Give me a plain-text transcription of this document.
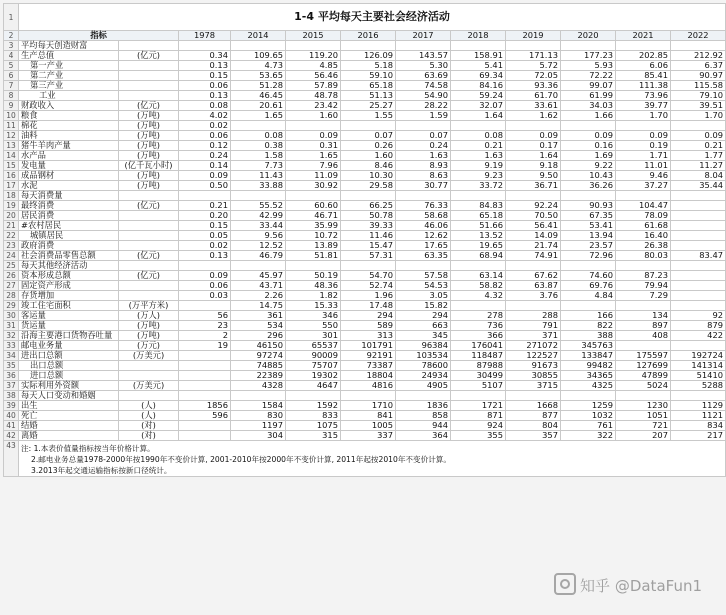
1	1-4 平均每天主要社会经济活动											
2	指标		1978	2014	2015	2016	2017	2018	2019	2020	2021	2022
3	平均每天创造财富											
4	生产总值	(亿元)	0.34	109.65	119.20	126.09	143.57	158.91	171.13	177.23	202.85	212.92
5	第一产业		0.13	4.73	4.85	5.18	5.30	5.41	5.72	5.93	6.06	6.37
6	第二产业		0.15	53.65	56.46	59.10	63.69	69.34	72.05	72.22	85.41	90.97
7	第三产业		0.06	51.28	57.89	65.18	74.58	84.16	93.36	99.07	111.38	115.58
8	工业		0.13	46.45	48.78	51.13	54.90	59.24	61.70	61.99	73.96	79.10
9	财政收入	(亿元)	0.08	20.61	23.42	25.27	28.22	32.07	33.61	34.03	39.77	39.51
10	粮食	(万吨)	4.02	1.65	1.60	1.55	1.59	1.64	1.62	1.66	1.70	1.70
11	棉花	(万吨)	0.02									
12	油料	(万吨)	0.06	0.08	0.09	0.07	0.07	0.08	0.09	0.09	0.09	0.09
13	猪牛羊肉产量	(万吨)	0.12	0.38	0.31	0.26	0.24	0.21	0.17	0.16	0.19	0.21
14	水产品	(万吨)	0.24	1.58	1.65	1.60	1.63	1.63	1.64	1.69	1.71	1.77
15	发电量	(亿千瓦小时)	0.14	7.73	7.96	8.46	8.93	9.19	9.18	9.22	11.01	11.27
16	成品钢材	(万吨)	0.09	11.43	11.09	10.30	8.63	9.23	9.50	10.43	9.46	8.04
17	水泥	(万吨)	0.50	33.88	30.92	29.58	30.77	33.72	36.71	36.26	37.27	35.44
18	每天消费量											
19	最终消费	(亿元)	0.21	55.52	60.60	66.25	76.33	84.83	92.24	90.93	104.47	
20	居民消费		0.20	42.99	46.71	50.78	58.68	65.18	70.50	67.35	78.09	
21	#农村居民		0.15	33.44	35.99	39.33	46.06	51.66	56.41	53.41	61.68	
22	城镇居民		0.05	9.56	10.72	11.46	12.62	13.52	14.09	13.94	16.40	
23	政府消费		0.02	12.52	13.89	15.47	17.65	19.65	21.74	23.57	26.38	
24	社会消费品零售总额	(亿元)	0.13	46.79	51.81	57.31	63.35	68.94	74.91	72.96	80.03	83.47
25	每天其他经济活动											
26	资本形成总额	(亿元)	0.09	45.97	50.19	54.70	57.58	63.14	67.62	74.60	87.23	
27	固定资产形成		0.06	43.71	48.36	52.74	54.53	58.82	63.87	69.76	79.94	
28	存货增加		0.03	2.26	1.82	1.96	3.05	4.32	3.76	4.84	7.29	
29	竣工住宅面积	(万平方米)		14.75	15.33	17.48	15.82					
30	客运量	(万人)	56	361	346	294	294	278	288	166	134	92
31	货运量	(万吨)	23	534	550	589	663	736	791	822	897	879
32	沿海主要港口货物吞吐量	(万吨)	2	296	301	313	345	366	371	388	408	422
33	邮电业务量	(万元)	19	46150	65537	101791	96384	176041	271072	345763		
34	进出口总额	(万美元)		97274	90009	92191	103534	118487	122527	133847	175597	192724
35	出口总额			74885	75707	73387	78600	87988	91673	99482	127699	141314
36	进口总额			22389	19302	18804	24934	30499	30855	34365	47899	51410
37	实际利用外资额	(万美元)		4328	4647	4816	4905	5107	3715	4325	5024	5288
38	每天人口变动和婚姻											
39	出生	(人)	1856	1584	1592	1710	1836	1721	1668	1259	1230	1129
40	死亡	(人)	596	830	833	841	858	871	877	1032	1051	1121
41	结婚	(对)		1197	1075	1005	944	924	804	761	721	834
42	离婚	(对)		304	315	337	364	355	357	322	207	217
43	注: 1.本表价值量指标按当年价格计算。
2.邮电业务总量1978-2000年按1990年不变价计算, 2001-2010年按2000年不变价计算, 2011年起按2010年不变价计算。
3.2013年起交通运输指标按新口径统计。											
知乎 @DataFun1
